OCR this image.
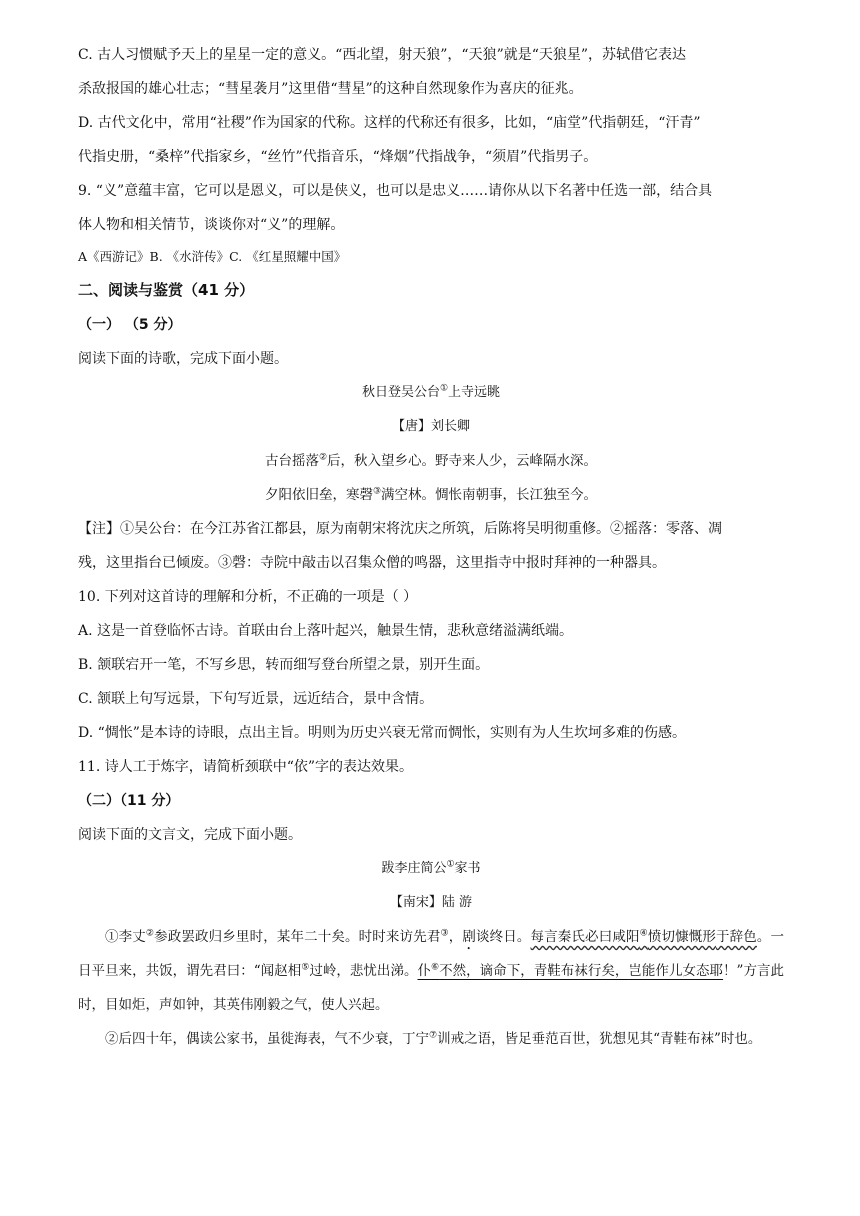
C. 古人习惯赋予天上的星星一定的意义。“西北望，射天狼”，“天狼”就是“天狼星”，苏轼借它表达
杀敌报国的雄心壮志；“彗星袭月”这里借“彗星”的这种自然现象作为喜庆的征兆。

D. 古代文化中，常用“社稷”作为国家的代称。这样的代称还有很多，比如，“庙堂”代指朝廷，“汗青”
代指史册，“桑梓”代指家乡，“丝竹”代指音乐，“烽烟”代指战争，“须眉”代指男子。

9. “义”意蕴丰富，它可以是恩义，可以是侠义，也可以是忠义……请你从以下名著中任选一部，结合具
体人物和相关情节，谈谈你对“义”的理解。

A《西游记》B. 《水浒传》C. 《红星照耀中国》

二、阅读与鉴赏（41 分）

（一） （5 分）

阅读下面的诗歌，完成下面小题。

秋日登吴公台①上寺远眺

【唐】刘长卿

古台摇落②后，秋入望乡心。野寺来人少，云峰隔水深。

夕阳依旧垒，寒磬③满空林。惆怅南朝事，长江独至今。

【注】①吴公台：在今江苏省江都县，原为南朝宋将沈庆之所筑，后陈将吴明彻重修。②摇落：零落、凋
残，这里指台已倾废。③磬：寺院中敲击以召集众僧的鸣器，这里指寺中报时拜神的一种器具。

10. 下列对这首诗的理解和分析，不正确的一项是（ ）

A. 这是一首登临怀古诗。首联由台上落叶起兴，触景生情，悲秋意绪溢满纸端。

B. 颔联宕开一笔，不写乡思，转而细写登台所望之景，别开生面。

C. 颔联上句写远景，下句写近景，远近结合，景中含情。

D. “惆怅”是本诗的诗眼，点出主旨。明则为历史兴衰无常而惆怅，实则有为人生坎坷多难的伤感。

11. 诗人工于炼字，请简析颈联中“依”字的表达效果。

（二）（11 分）

阅读下面的文言文，完成下面小题。

跋李庄简公①家书

【南宋】陆 游

①李丈②参政罢政归乡里时，某年二十矣。时时来访先君③，剧谈终日。每言秦氏必曰咸阳④愤切慷慨形于辞色。一日平旦来，共饭，谓先君曰：“闻赵相⑤过岭，悲忧出涕。仆⑥不然，谪命下，青鞋布袜行矣，岂能作儿女态耶！”方言此时，目如炬，声如钟，其英伟刚毅之气，使人兴起。

②后四十年，偶读公家书，虽徙海表，气不少衰，丁宁⑦训戒之语，皆足垂范百世，犹想见其“青鞋布袜”时也。
